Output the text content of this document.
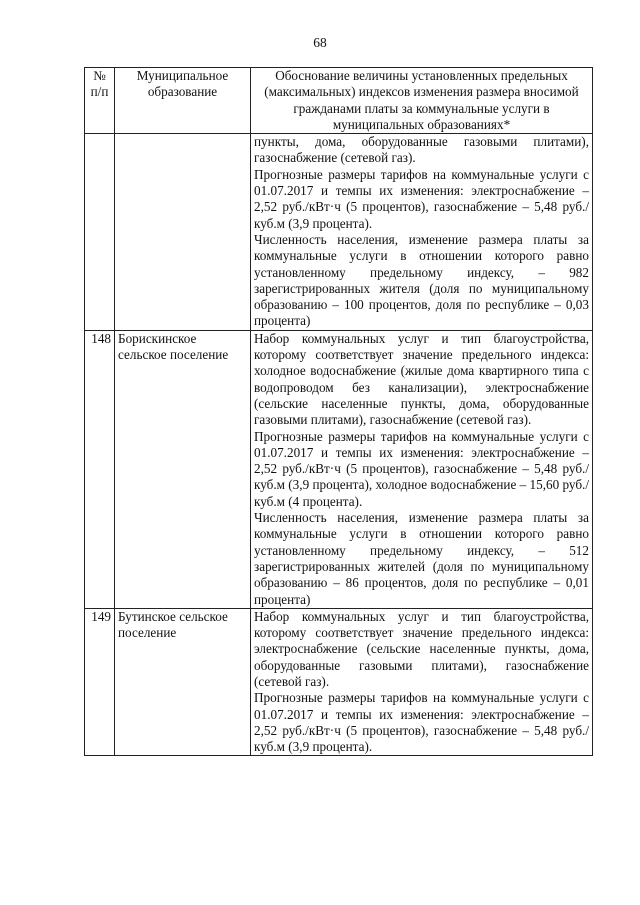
68
№ п/п	Муниципальное образование	Обоснование величины установленных предельных (максимальных) индексов изменения размера вносимой гражданами платы за коммунальные услуги в муниципальных образованиях*

		пункты, дома, оборудованные газовыми плитами), газоснабжение (сетевой газ).

Прогнозные размеры тарифов на коммунальные услуги с 01.07.2017 и темпы их изменения: электроснабжение – 2,52 руб./кВт·ч (5 процентов), газоснабжение – 5,48 руб./куб.м (3,9 процента).

Численность населения, изменение размера платы за коммунальные услуги в отношении которого равно установленному предельному индексу, – 982 зарегистрированных жителя (доля по муниципальному образованию – 100 процентов, доля по республике – 0,03 процента)

148	Борискинское сельское поселение	Набор коммунальных услуг и тип благоустройства, которому соответствует значение предельного индекса: холодное водоснабжение (жилые дома квартирного типа с водопроводом без канализации), электроснабжение (сельские населенные пункты, дома, оборудованные газовыми плитами), газоснабжение (сетевой газ).

Прогнозные размеры тарифов на коммунальные услуги с 01.07.2017 и темпы их изменения: электроснабжение – 2,52 руб./кВт·ч (5 процентов), газоснабжение – 5,48 руб./куб.м (3,9 процента), холодное водоснабжение – 15,60 руб./куб.м (4 процента).

Численность населения, изменение размера платы за коммунальные услуги в отношении которого равно установленному предельному индексу, – 512 зарегистрированных жителей (доля по муниципальному образованию – 86 процентов, доля по республике – 0,01 процента)

149	Бутинское сельское поселение	Набор коммунальных услуг и тип благоустройства, которому соответствует значение предельного индекса: электроснабжение (сельские населенные пункты, дома, оборудованные газовыми плитами), газоснабжение (сетевой газ).

Прогнозные размеры тарифов на коммунальные услуги с 01.07.2017 и темпы их изменения: электроснабжение – 2,52 руб./кВт·ч (5 процентов), газоснабжение – 5,48 руб./куб.м (3,9 процента).
